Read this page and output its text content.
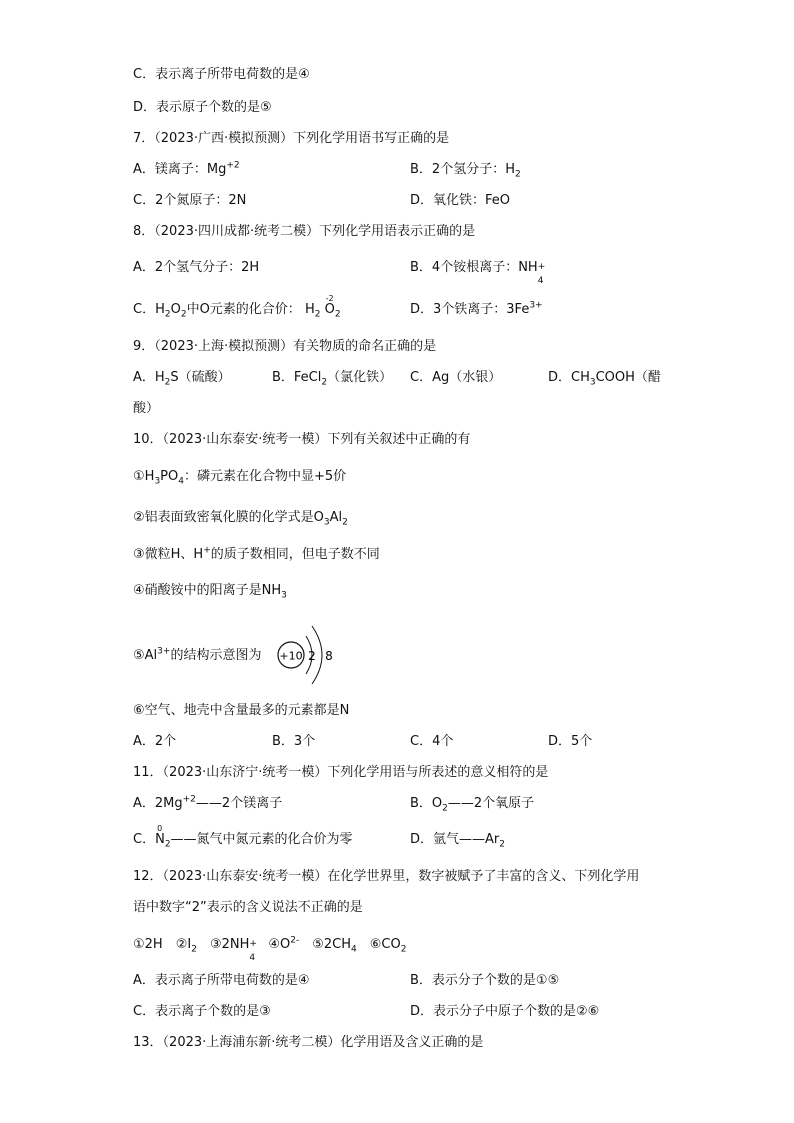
C．表示离子所带电荷数的是④
D．表示原子个数的是⑤
7．（2023·广西·模拟预测）下列化学用语书写正确的是
A．镁离子：$Mg^{+2}$	B．2个氢分子：$H_2$
C．2个氮原子：2N	D．氧化铁：FeO
8．（2023·四川成都·统考二模）下列化学用语表示正确的是
A．2个氢气分子：2H	B．4个铵根离子：NH +
4
C．$H_2O_2$中O元素的化合价： $H_2$ O
-2
$_2$	D．3个铁离子：$3Fe^{3+}$
9．（2023·上海·模拟预测）有关物质的命名正确的是
A．$H_2S$（硫酸）	B．FeCl$_2$（氯化铁） C．Ag（水银）	D．$CH_3COOH$（醋
酸）
10．（2023·山东泰安·统考一模）下列有关叙述中正确的有
$①H_3PO_4$：磷元素在化合物中显+5价
②铝表面致密氧化膜的化学式是$O_3Al_2$
③微粒H、H+的质子数相同，但电子数不同
④硝酸铵中的阳离子是$NH_3$
$⑤Al^{3+}$的结构示意图为 +10 2 8
⑥空气、地壳中含量最多的元素都是N
A．2个	B．3个	C．4个	D．5个
11．（2023·山东济宁·统考一模）下列化学用语与所表述的意义相符的是
A．$2Mg^{+2}——2$个镁离子	B．$O_2——2$个氧原子
C．N
0
$_2$——氮气中氮元素的化合价为零	D．氩气$——Ar_2$
12．（2023·山东泰安·统考一模）在化学世界里，数字被赋予了丰富的含义、下列化学用
语中数字“2”表示的含义说法不正确的是
①2H　$②I_2$　③2NH +
4
　$④O^{2-}$　$⑤2CH_4$　$⑥CO_2$
A．表示离子所带电荷数的是④	B．表示分子个数的是①⑤
C．表示离子个数的是③	D．表示分子中原子个数的是②⑥
13．（2023·上海浦东新·统考二模）化学用语及含义正确的是
